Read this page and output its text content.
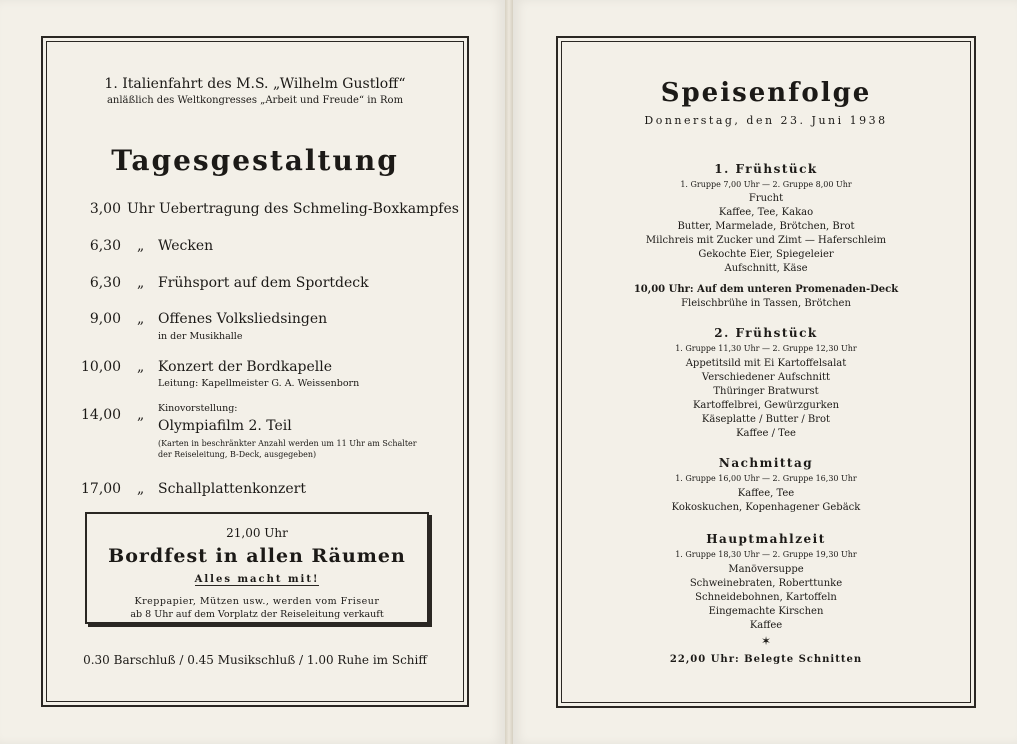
1. Italienfahrt des M.S. „Wilhelm Gustloff“
anläßlich des Weltkongresses „Arbeit und Freude“ in Rom
Tagesgestaltung
3,00 Uhr Uebertragung des Schmeling-Boxkampfes
6,30 „ Wecken
6,30 „ Frühsport auf dem Sportdeck
9,00 „ Offenes Volksliedsingen
in der Musikhalle
10,00 „ Konzert der Bordkapelle
Leitung: Kapellmeister G. A. Weissenborn
14,00 „ Kinovorstellung:
Olympiafilm 2. Teil
(Karten in beschränkter Anzahl werden um 11 Uhr am Schalter
der Reiseleitung, B-Deck, ausgegeben)
17,00 „ Schallplattenkonzert
21,00 Uhr
Bordfest in allen Räumen
Alles macht mit!
Kreppapier, Mützen usw., werden vom Friseur
ab 8 Uhr auf dem Vorplatz der Reiseleitung verkauft
0.30 Barschluß / 0.45 Musikschluß / 1.00 Ruhe im Schiff
Speisenfolge
Donnerstag, den 23. Juni 1938
1. Frühstück
1. Gruppe 7,00 Uhr — 2. Gruppe 8,00 Uhr
Frucht
Kaffee, Tee, Kakao
Butter, Marmelade, Brötchen, Brot
Milchreis mit Zucker und Zimt — Haferschleim
Gekochte Eier, Spiegeleier
Aufschnitt, Käse
10,00 Uhr: Auf dem unteren Promenaden-Deck
Fleischbrühe in Tassen, Brötchen
2. Frühstück
1. Gruppe 11,30 Uhr — 2. Gruppe 12,30 Uhr
Appetitsild mit Ei Kartoffelsalat
Verschiedener Aufschnitt
Thüringer Bratwurst
Kartoffelbrei, Gewürzgurken
Käseplatte / Butter / Brot
Kaffee / Tee
Nachmittag
1. Gruppe 16,00 Uhr — 2. Gruppe 16,30 Uhr
Kaffee, Tee
Kokoskuchen, Kopenhagener Gebäck
Hauptmahlzeit
1. Gruppe 18,30 Uhr — 2. Gruppe 19,30 Uhr
Manöversuppe
Schweinebraten, Roberttunke
Schneidebohnen, Kartoffeln
Eingemachte Kirschen
Kaffee
✶
22,00 Uhr: Belegte Schnitten
